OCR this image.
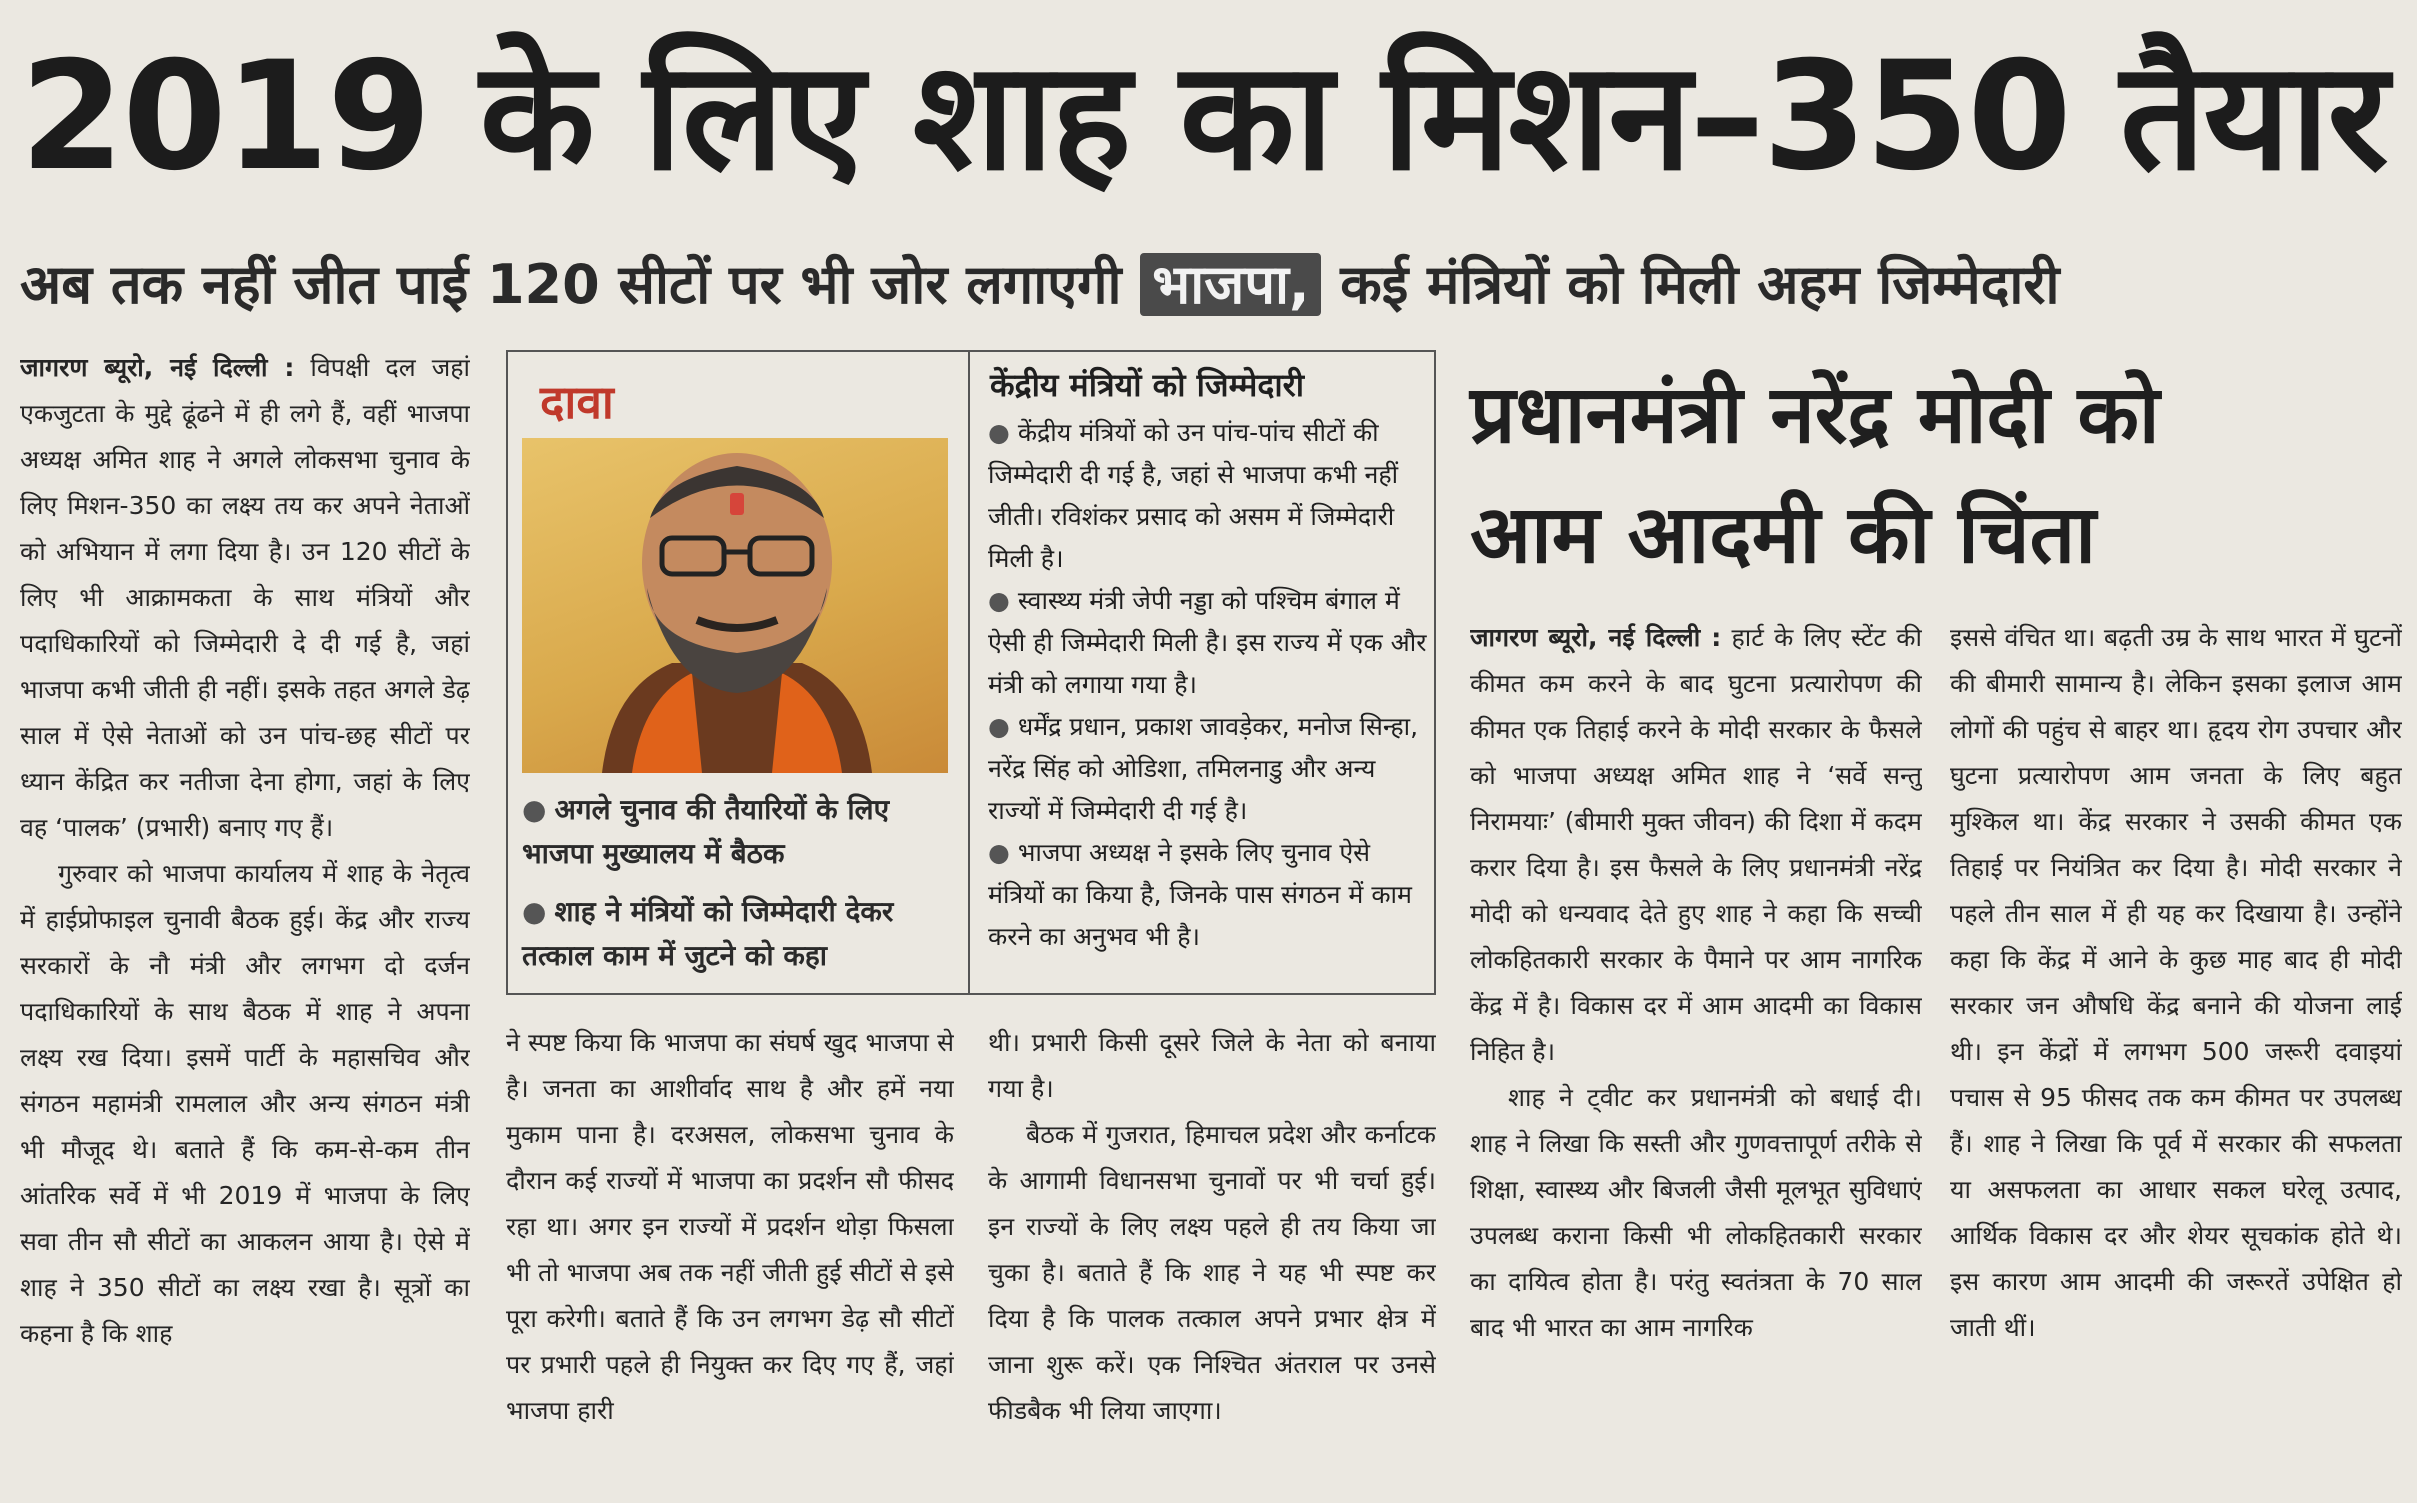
2019 के लिए शाह का मिशन–350 तैयार
अब तक नहीं जीत पाई 120 सीटों पर भी जोर लगाएगी भाजपा, कई मंत्रियों को मिली अहम जिम्मेदारी

जागरण ब्यूरो, नई दिल्ली : विपक्षी दल जहां एकजुटता के मुद्दे ढूंढने में ही लगे हैं, वहीं भाजपा अध्यक्ष अमित शाह ने अगले लोकसभा चुनाव के लिए मिशन-350 का लक्ष्य तय कर अपने नेताओं को अभियान में लगा दिया है। उन 120 सीटों के लिए भी आक्रामकता के साथ मंत्रियों और पदाधिकारियों को जिम्मेदारी दे दी गई है, जहां भाजपा कभी जीती ही नहीं। इसके तहत अगले डेढ़ साल में ऐसे नेताओं को उन पांच-छह सीटों पर ध्यान केंद्रित कर नतीजा देना होगा, जहां के लिए वह ‘पालक’ (प्रभारी) बनाए गए हैं।

गुरुवार को भाजपा कार्यालय में शाह के नेतृत्व में हाईप्रोफाइल चुनावी बैठक हुई। केंद्र और राज्य सरकारों के नौ मंत्री और लगभग दो दर्जन पदाधिकारियों के साथ बैठक में शाह ने अपना लक्ष्य रख दिया। इसमें पार्टी के महासचिव और संगठन महामंत्री रामलाल और अन्य संगठन मंत्री भी मौजूद थे। बताते हैं कि कम-से-कम तीन आंतरिक सर्वे में भी 2019 में भाजपा के लिए सवा तीन सौ सीटों का आकलन आया है। ऐसे में शाह ने 350 सीटों का लक्ष्य रखा है। सूत्रों का कहना है कि शाह

दावा
● अगले चुनाव की तैयारियों के लिए भाजपा मुख्यालय में बैठक
● शाह ने मंत्रियों को जिम्मेदारी देकर तत्काल काम में जुटने को कहा
केंद्रीय मंत्रियों को जिम्मेदारी

● केंद्रीय मंत्रियों को उन पांच-पांच सीटों की जिम्मेदारी दी गई है, जहां से भाजपा कभी नहीं जीती। रविशंकर प्रसाद को असम में जिम्मेदारी मिली है।

● स्वास्थ्य मंत्री जेपी नड्डा को पश्चिम बंगाल में ऐसी ही जिम्मेदारी मिली है। इस राज्य में एक और मंत्री को लगाया गया है।

● धर्मेंद्र प्रधान, प्रकाश जावड़ेकर, मनोज सिन्हा, नरेंद्र सिंह को ओडिशा, तमिलनाडु और अन्य राज्यों में जिम्मेदारी दी गई है।

● भाजपा अध्यक्ष ने इसके लिए चुनाव ऐसे मंत्रियों का किया है, जिनके पास संगठन में काम करने का अनुभव भी है।

ने स्पष्ट किया कि भाजपा का संघर्ष खुद भाजपा से है। जनता का आशीर्वाद साथ है और हमें नया मुकाम पाना है। दरअसल, लोकसभा चुनाव के दौरान कई राज्यों में भाजपा का प्रदर्शन सौ फीसद रहा था। अगर इन राज्यों में प्रदर्शन थोड़ा फिसला भी तो भाजपा अब तक नहीं जीती हुई सीटों से इसे पूरा करेगी। बताते हैं कि उन लगभग डेढ़ सौ सीटों पर प्रभारी पहले ही नियुक्त कर दिए गए हैं, जहां भाजपा हारी

थी। प्रभारी किसी दूसरे जिले के नेता को बनाया गया है।

बैठक में गुजरात, हिमाचल प्रदेश और कर्नाटक के आगामी विधानसभा चुनावों पर भी चर्चा हुई। इन राज्यों के लिए लक्ष्य पहले ही तय किया जा चुका है। बताते हैं कि शाह ने यह भी स्पष्ट कर दिया है कि पालक तत्काल अपने प्रभार क्षेत्र में जाना शुरू करें। एक निश्चित अंतराल पर उनसे फीडबैक भी लिया जाएगा।

प्रधानमंत्री नरेंद्र मोदी को
आम आदमी की चिंता

जागरण ब्यूरो, नई दिल्ली : हार्ट के लिए स्टेंट की कीमत कम करने के बाद घुटना प्रत्यारोपण की कीमत एक तिहाई करने के मोदी सरकार के फैसले को भाजपा अध्यक्ष अमित शाह ने ‘सर्वे सन्तु निरामयाः’ (बीमारी मुक्त जीवन) की दिशा में कदम करार दिया है। इस फैसले के लिए प्रधानमंत्री नरेंद्र मोदी को धन्यवाद देते हुए शाह ने कहा कि सच्ची लोकहितकारी सरकार के पैमाने पर आम नागरिक केंद्र में है। विकास दर में आम आदमी का विकास निहित है।

शाह ने ट्वीट कर प्रधानमंत्री को बधाई दी। शाह ने लिखा कि सस्ती और गुणवत्तापूर्ण तरीके से शिक्षा, स्वास्थ्य और बिजली जैसी मूलभूत सुविधाएं उपलब्ध कराना किसी भी लोकहितकारी सरकार का दायित्व होता है। परंतु स्वतंत्रता के 70 साल बाद भी भारत का आम नागरिक

इससे वंचित था। बढ़ती उम्र के साथ भारत में घुटनों की बीमारी सामान्य है। लेकिन इसका इलाज आम लोगों की पहुंच से बाहर था। हृदय रोग उपचार और घुटना प्रत्यारोपण आम जनता के लिए बहुत मुश्किल था। केंद्र सरकार ने उसकी कीमत एक तिहाई पर नियंत्रित कर दिया है। मोदी सरकार ने पहले तीन साल में ही यह कर दिखाया है। उन्होंने कहा कि केंद्र में आने के कुछ माह बाद ही मोदी सरकार जन औषधि केंद्र बनाने की योजना लाई थी। इन केंद्रों में लगभग 500 जरूरी दवाइयां पचास से 95 फीसद तक कम कीमत पर उपलब्ध हैं। शाह ने लिखा कि पूर्व में सरकार की सफलता या असफलता का आधार सकल घरेलू उत्पाद, आर्थिक विकास दर और शेयर सूचकांक होते थे। इस कारण आम आदमी की जरूरतें उपेक्षित हो जाती थीं।
